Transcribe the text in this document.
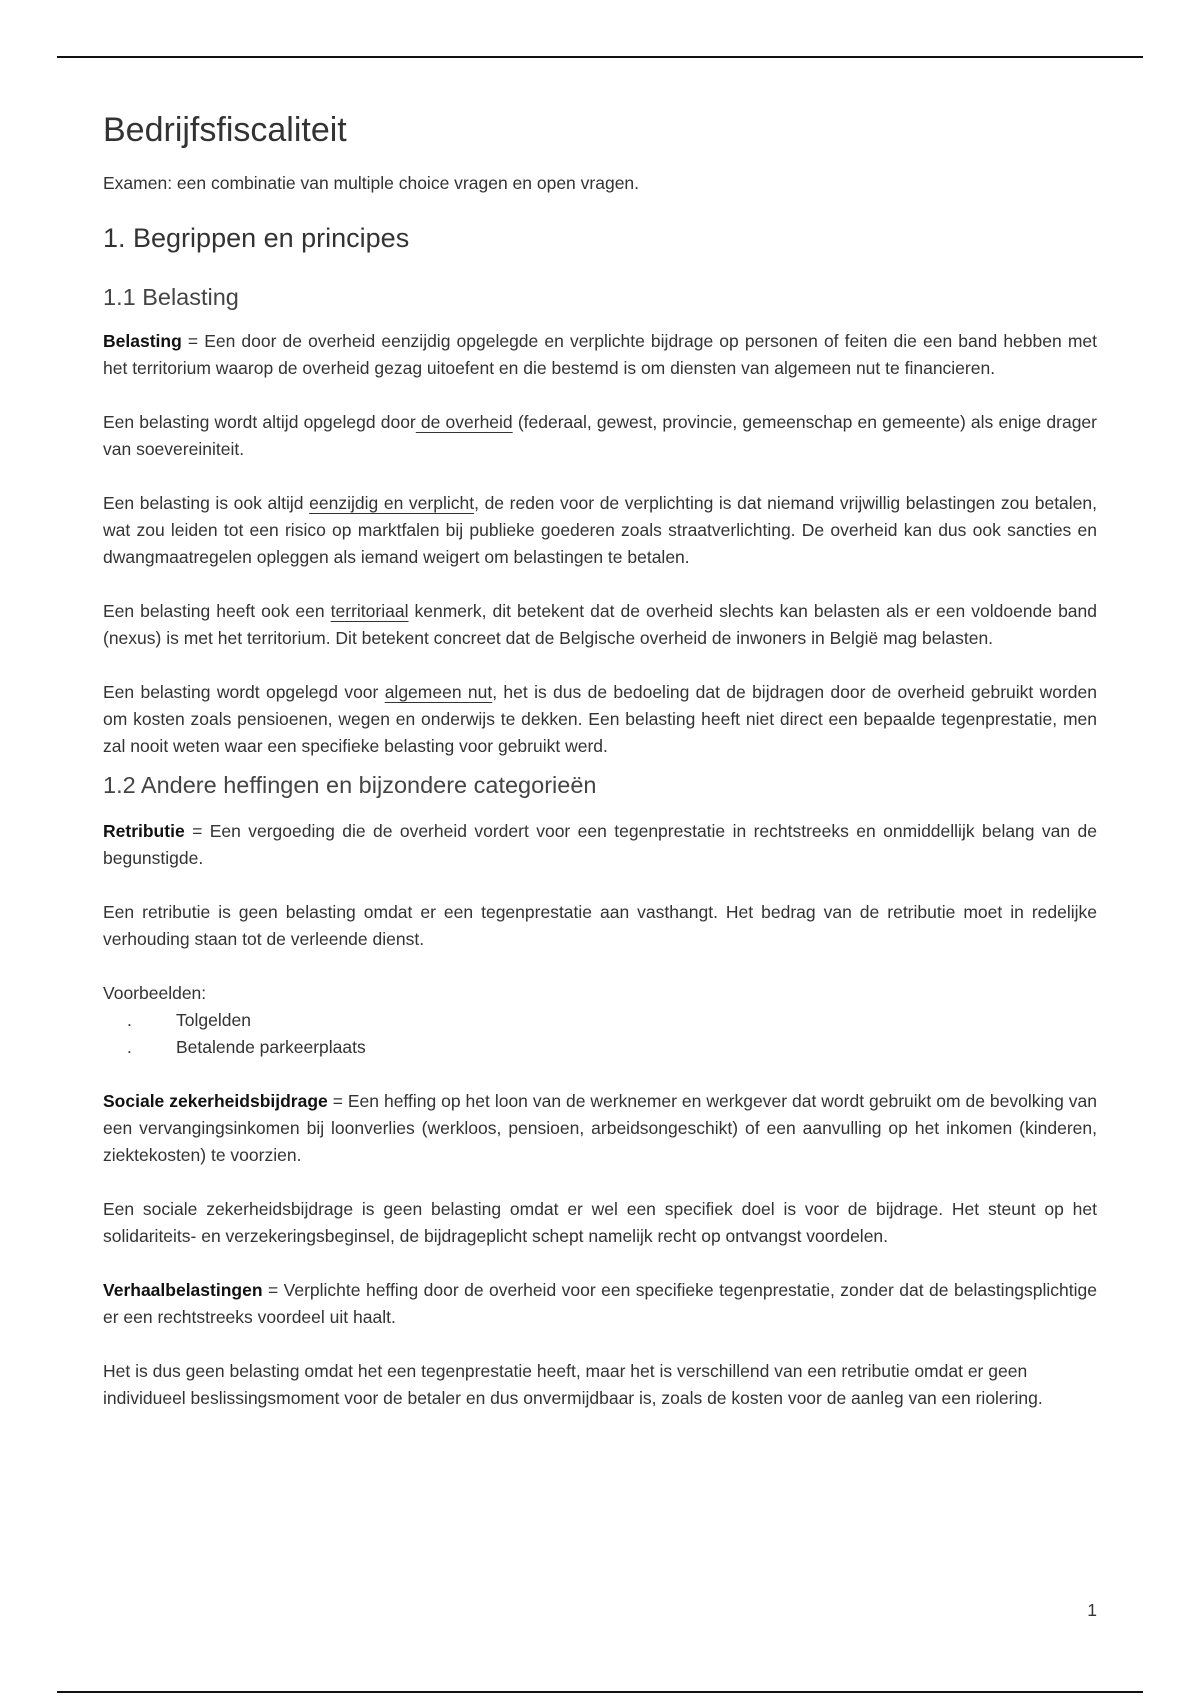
Bedrijfsfiscaliteit

Examen: een combinatie van multiple choice vragen en open vragen.

1. Begrippen en principes
1.1 Belasting

Belasting = Een door de overheid eenzijdig opgelegde en verplichte bijdrage op personen of feiten die een band hebben met het territorium waarop de overheid gezag uitoefent en die bestemd is om diensten van algemeen nut te financieren.

Een belasting wordt altijd opgelegd door de overheid (federaal, gewest, provincie, gemeenschap en gemeente) als enige drager van soevereiniteit.

Een belasting is ook altijd eenzijdig en verplicht, de reden voor de verplichting is dat niemand vrijwillig belastingen zou betalen, wat zou leiden tot een risico op marktfalen bij publieke goederen zoals straatverlichting. De overheid kan dus ook sancties en dwangmaatregelen opleggen als iemand weigert om belastingen te betalen.

Een belasting heeft ook een territoriaal kenmerk, dit betekent dat de overheid slechts kan belasten als er een voldoende band (nexus) is met het territorium. Dit betekent concreet dat de Belgische overheid de inwoners in België mag belasten.

Een belasting wordt opgelegd voor algemeen nut, het is dus de bedoeling dat de bijdragen door de overheid gebruikt worden om kosten zoals pensioenen, wegen en onderwijs te dekken. Een belasting heeft niet direct een bepaalde tegenprestatie, men zal nooit weten waar een specifieke belasting voor gebruikt werd.

1.2 Andere heffingen en bijzondere categorieën

Retributie = Een vergoeding die de overheid vordert voor een tegenprestatie in rechtstreeks en onmiddellijk belang van de begunstigde.

Een retributie is geen belasting omdat er een tegenprestatie aan vasthangt. Het bedrag van de retributie moet in redelijke verhouding staan tot de verleende dienst.

Voorbeelden:

.	Tolgelden
.	Betalende parkeerplaats

Sociale zekerheidsbijdrage = Een heffing op het loon van de werknemer en werkgever dat wordt gebruikt om de bevolking van een vervangingsinkomen bij loonverlies (werkloos, pensioen, arbeidsongeschikt) of een aanvulling op het inkomen (kinderen, ziektekosten) te voorzien.

Een sociale zekerheidsbijdrage is geen belasting omdat er wel een specifiek doel is voor de bijdrage. Het steunt op het solidariteits- en verzekeringsbeginsel, de bijdrageplicht schept namelijk recht op ontvangst voordelen.

Verhaalbelastingen = Verplichte heffing door de overheid voor een specifieke tegenprestatie, zonder dat de belastingsplichtige er een rechtstreeks voordeel uit haalt.

Het is dus geen belasting omdat het een tegenprestatie heeft, maar het is verschillend van een retributie omdat er geen individueel beslissingsmoment voor de betaler en dus onvermijdbaar is, zoals de kosten voor de aanleg van een riolering.

1
